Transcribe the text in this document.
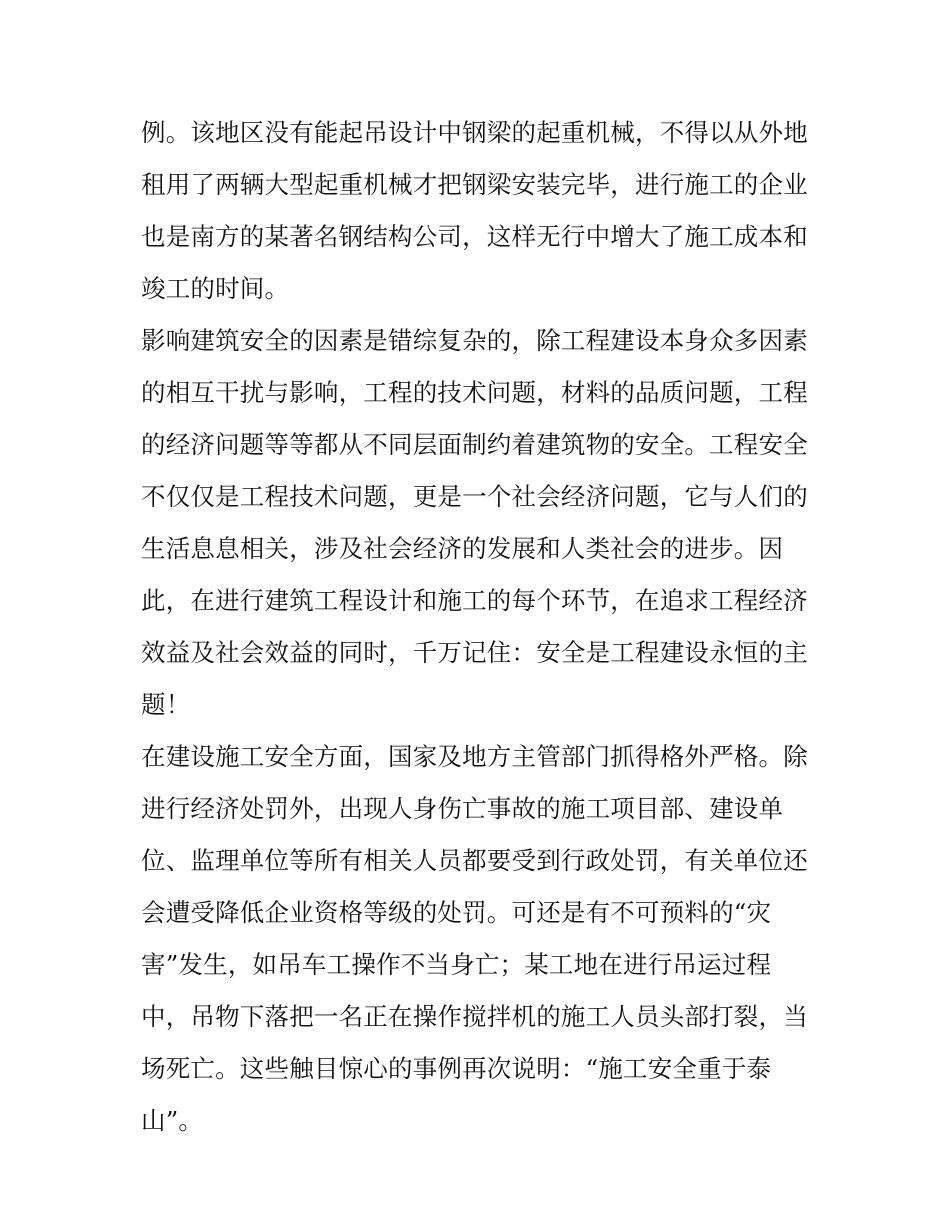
例。该地区没有能起吊设计中钢梁的起重机械，不得以从外地
租用了两辆大型起重机械才把钢梁安装完毕，进行施工的企业
也是南方的某著名钢结构公司，这样无行中增大了施工成本和
竣工的时间。
影响建筑安全的因素是错综复杂的，除工程建设本身众多因素
的相互干扰与影响，工程的技术问题，材料的品质问题，工程
的经济问题等等都从不同层面制约着建筑物的安全。工程安全
不仅仅是工程技术问题，更是一个社会经济问题，它与人们的
生活息息相关，涉及社会经济的发展和人类社会的进步。因
此，在进行建筑工程设计和施工的每个环节，在追求工程经济
效益及社会效益的同时，千万记住：安全是工程建设永恒的主
题！
在建设施工安全方面，国家及地方主管部门抓得格外严格。除
进行经济处罚外，出现人身伤亡事故的施工项目部、建设单
位、监理单位等所有相关人员都要受到行政处罚，有关单位还
会遭受降低企业资格等级的处罚。可还是有不可预料的“灾
害”发生，如吊车工操作不当身亡；某工地在进行吊运过程
中，吊物下落把一名正在操作搅拌机的施工人员头部打裂，当
场死亡。这些触目惊心的事例再次说明：“施工安全重于泰
山”。
